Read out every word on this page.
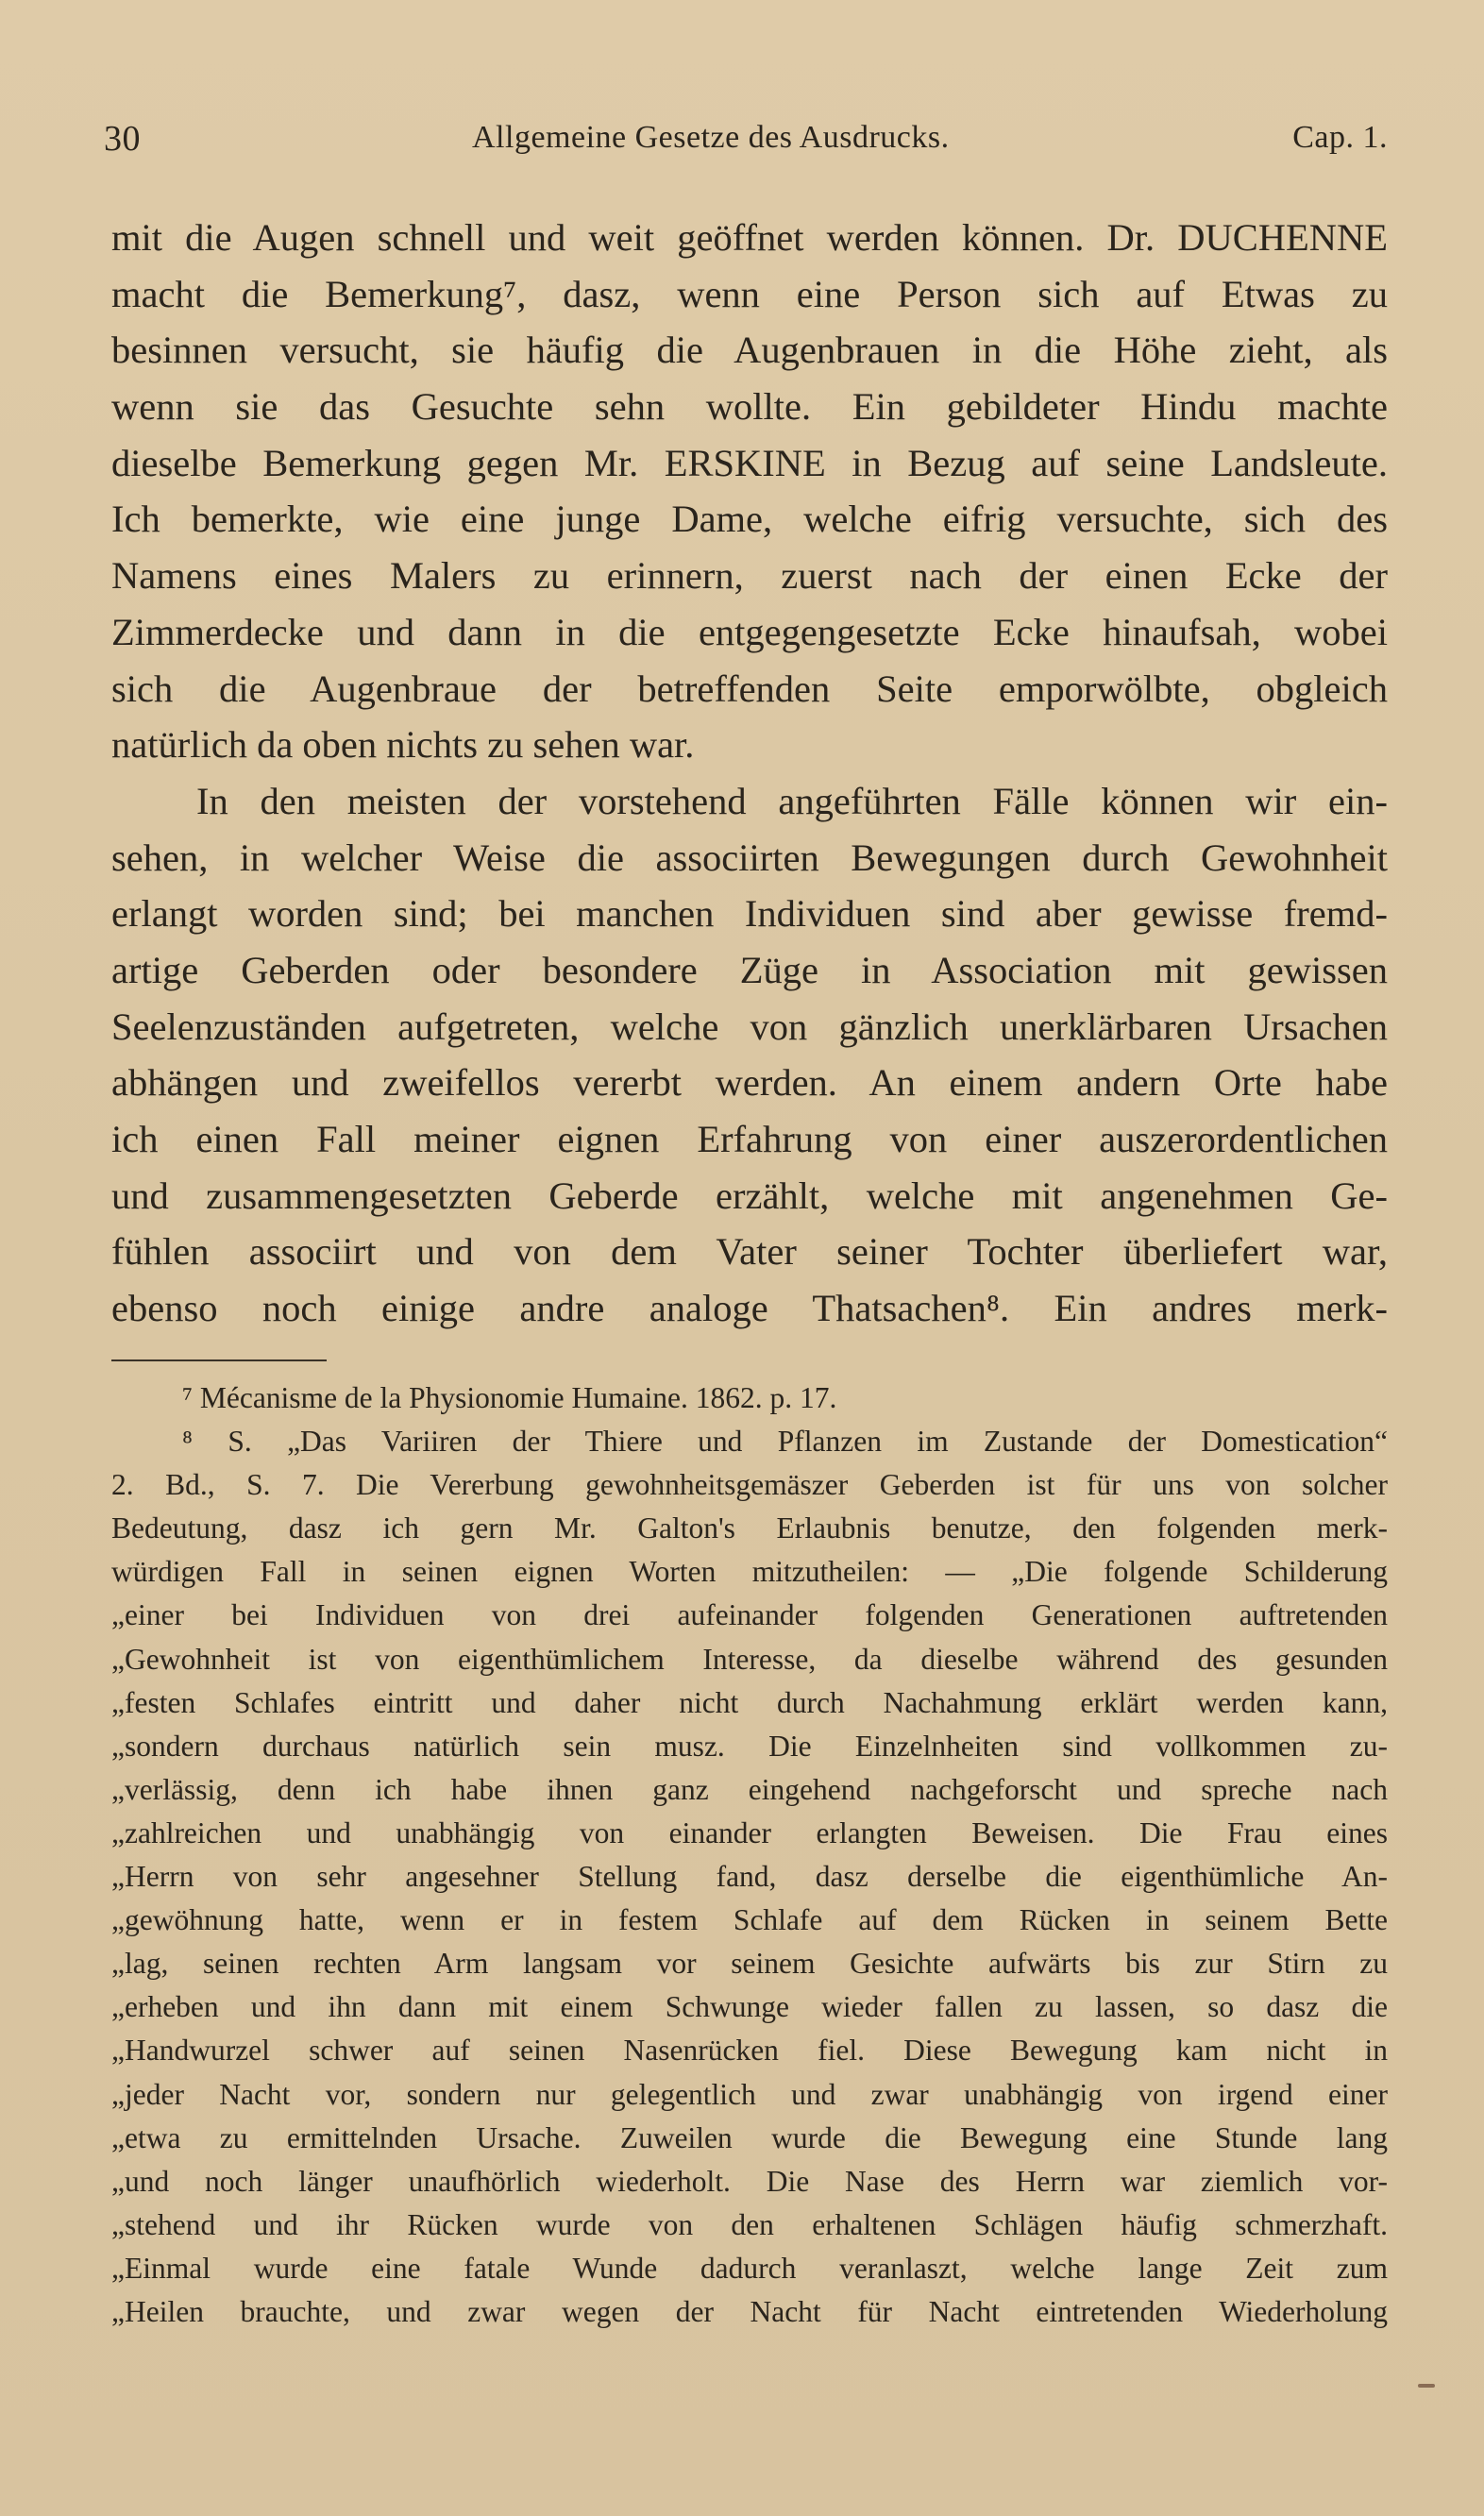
30	Allgemeine Gesetze des Ausdrucks.	Cap. 1.
mit die Augen schnell und weit geöffnet werden können. Dr. DUCHENNE
macht die Bemerkung⁷, dasz, wenn eine Person sich auf Etwas zu
besinnen versucht, sie häufig die Augenbrauen in die Höhe zieht, als
wenn sie das Gesuchte sehn wollte. Ein gebildeter Hindu machte
dieselbe Bemerkung gegen Mr. ERSKINE in Bezug auf seine Landsleute.
Ich bemerkte, wie eine junge Dame, welche eifrig versuchte, sich des
Namens eines Malers zu erinnern, zuerst nach der einen Ecke der
Zimmerdecke und dann in die entgegengesetzte Ecke hinaufsah, wobei
sich die Augenbraue der betreffenden Seite emporwölbte, obgleich
natürlich da oben nichts zu sehen war.
In den meisten der vorstehend angeführten Fälle können wir ein-
sehen, in welcher Weise die associirten Bewegungen durch Gewohnheit
erlangt worden sind; bei manchen Individuen sind aber gewisse fremd-
artige Geberden oder besondere Züge in Association mit gewissen
Seelenzuständen aufgetreten, welche von gänzlich unerklärbaren Ursachen
abhängen und zweifellos vererbt werden. An einem andern Orte habe
ich einen Fall meiner eignen Erfahrung von einer auszerordentlichen
und zusammengesetzten Geberde erzählt, welche mit angenehmen Ge-
fühlen associirt und von dem Vater seiner Tochter überliefert war,
ebenso noch einige andre analoge Thatsachen⁸. Ein andres merk-
⁷ Mécanisme de la Physionomie Humaine. 1862. p. 17.
⁸ S. „Das Variiren der Thiere und Pflanzen im Zustande der Domestication“
2. Bd., S. 7. Die Vererbung gewohnheitsgemäszer Geberden ist für uns von solcher
Bedeutung, dasz ich gern Mr. Galton's Erlaubnis benutze, den folgenden merk-
würdigen Fall in seinen eignen Worten mitzutheilen: — „Die folgende Schilderung
„einer bei Individuen von drei aufeinander folgenden Generationen auftretenden
„Gewohnheit ist von eigenthümlichem Interesse, da dieselbe während des gesunden
„festen Schlafes eintritt und daher nicht durch Nachahmung erklärt werden kann,
„sondern durchaus natürlich sein musz. Die Einzelnheiten sind vollkommen zu-
„verlässig, denn ich habe ihnen ganz eingehend nachgeforscht und spreche nach
„zahlreichen und unabhängig von einander erlangten Beweisen. Die Frau eines
„Herrn von sehr angesehner Stellung fand, dasz derselbe die eigenthümliche An-
„gewöhnung hatte, wenn er in festem Schlafe auf dem Rücken in seinem Bette
„lag, seinen rechten Arm langsam vor seinem Gesichte aufwärts bis zur Stirn zu
„erheben und ihn dann mit einem Schwunge wieder fallen zu lassen, so dasz die
„Handwurzel schwer auf seinen Nasenrücken fiel. Diese Bewegung kam nicht in
„jeder Nacht vor, sondern nur gelegentlich und zwar unabhängig von irgend einer
„etwa zu ermittelnden Ursache. Zuweilen wurde die Bewegung eine Stunde lang
„und noch länger unaufhörlich wiederholt. Die Nase des Herrn war ziemlich vor-
„stehend und ihr Rücken wurde von den erhaltenen Schlägen häufig schmerzhaft.
„Einmal wurde eine fatale Wunde dadurch veranlaszt, welche lange Zeit zum
„Heilen brauchte, und zwar wegen der Nacht für Nacht eintretenden Wiederholung
